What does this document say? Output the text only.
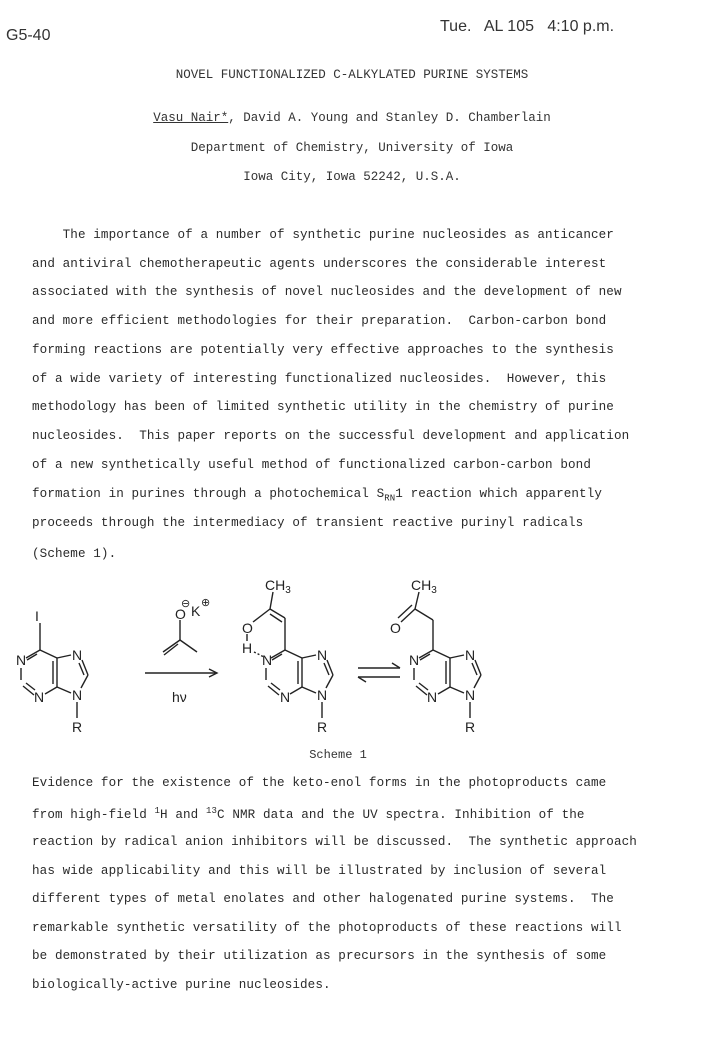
G5-40
Tue.   AL 105   4:10 p.m.
NOVEL FUNCTIONALIZED C-ALKYLATED PURINE SYSTEMS
Vasu Nair*, David A. Young and Stanley D. Chamberlain
Department of Chemistry, University of Iowa
Iowa City, Iowa 52242, U.S.A.
The importance of a number of synthetic purine nucleosides as anticancer
and antiviral chemotherapeutic agents underscores the considerable interest
associated with the synthesis of novel nucleosides and the development of new
and more efficient methodologies for their preparation.  Carbon-carbon bond
forming reactions are potentially very effective approaches to the synthesis
of a wide variety of interesting functionalized nucleosides.  However, this
methodology has been of limited synthetic utility in the chemistry of purine
nucleosides.  This paper reports on the successful development and application
of a new synthetically useful method of functionalized carbon-carbon bond
formation in purines through a photochemical $S_{RN}1$ reaction which apparently
proceeds through the intermediacy of transient reactive purinyl radicals
(Scheme 1).
I
N
N
N
N
R
O
⊖ K ⊕
hν
$CH_3$
O
H
N
N
N
N
R
$CH_3$
O
N
N
N
N
R
Scheme 1
Evidence for the existence of the keto-enol forms in the photoproducts came
from high-field $^1$H and $^{13}$C NMR data and the UV spectra. Inhibition of the
reaction by radical anion inhibitors will be discussed.  The synthetic approach
has wide applicability and this will be illustrated by inclusion of several
different types of metal enolates and other halogenated purine systems.  The
remarkable synthetic versatility of the photoproducts of these reactions will
be demonstrated by their utilization as precursors in the synthesis of some
biologically-active purine nucleosides.
